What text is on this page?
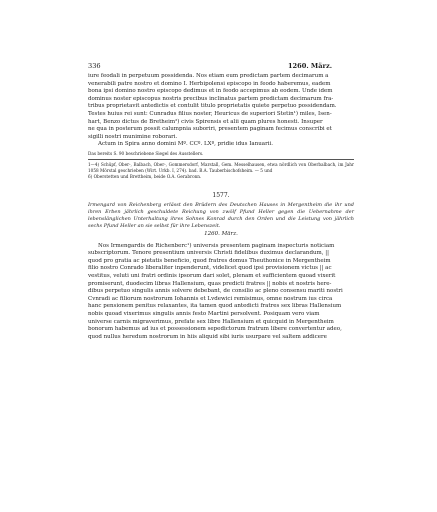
336	1260. März.

iure feodali in perpetuum possidenda. Nos etiam eum predictam partem decimarum a

venerabili patre nostro et domino I. Herbipolensi episcopo in feodo haberemus, eadem

bona ipsi domino nostro episcopo dedimus et in feodo accepimus ab eodem. Unde idem

dominus noster episcopus nostris precibus inclinatus partem predictam decimarum fra-

tribus proprietavit antedictis et contulit titulo proprietatis quiete perpetuo possidendam.

Testes huius rei sunt: Cunradus filius noster, Heuricus de superiori Stetin¹) miles, Isen-

hart, Benzo dictus de Bretheim²) civis Spirensis et alii quam plures honesti. Insuper

ne qua in posterum possit calumpnia suboriri, presentem paginam fecimus conscribi et

sigilli nostri munimine roborari.

Actum in Spira anno domini Mº. CCº. LXº, pridie idus Ianuarii.

Das bereits S. 90 beschriebene Siegel des Ausstellers.

1—4) Schüpf, Ober-, Balbach, Ober-, Gommersdorf, Marstall, Gem. Messelhausen, etwa nördlich von Oberbalbach, im Jahr 1058 Mörstal geschrieben (Wirt. Urkb. I, 274). bad. B.A. Tauberbischofsheim. — 5 und

6) Oberstetten und Brettheim, beide O.A. Gerabronn.

1577.

Irmengard von Reichenberg erlässt den Brüdern des Deutschen Hauses in Mergentheim die ihr und ihren Erben jährlich geschuldete Reichung von zwölf Pfund Heller gegen die Uebernahme der lebenslänglichen Unterhaltung ihres Sohnes Konrad durch den Orden und die Leistung von jährlich sechs Pfund Heller an sie selbst für ihre Lebenszeit.

1260. März.

Nos Irmengardis de Richenberc¹) universis presentem paginam inspecturis noticiam

subscriptorum. Tenore presentium universis Christi fidelibus duximus declarandum, ||

quod pro gratia ac pietatis beneficio, quod fratres domus Theuthonice in Mergentheim

filio nostro Conrado liberaliter inpenderunt, videlicet quod ipsi provisionem victus || ac

vestitus, veluti uni fratri ordinis ipsorum dari solet, plenam et sufficientem quoad vixerit

promiserunt, duodecim libras Hallensium, quas predicti fratres || nobis et nostris here-

dibus perpetuo singulis annis solvere debebant, de consilio ac pleno consensu mariti nostri

Cvnradi ac filiorum nostrorum Iohannis et Lvdewici remisimus, omne nostrum ius circa

hanc pensionem penitus relaxantes, ita tamen quod antedicti fratres sex libras Hallensium

nobis quoad vixerimus singulis annis festo Martini persolvent. Posiquam vero viam

universe carnis migraverimus, prefate sex libre Hallensium et quicquid in Mergentheim

bonorum habemus ad ius et possessionem sepedictorum fratrum libere convertentur adeo,

quod nullus heredum nostrorum in hiis aliquid sibi iuris usurpare vel saltem addicere
